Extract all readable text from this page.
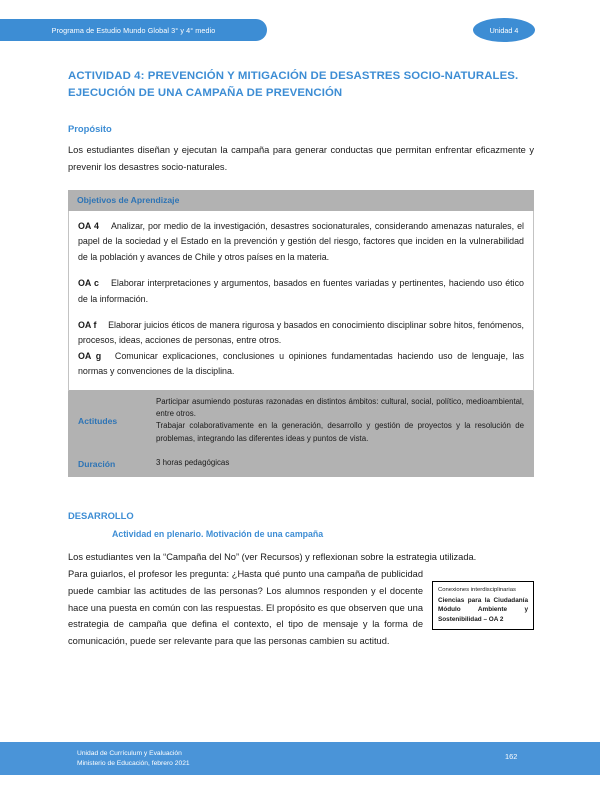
Programa de Estudio Mundo Global 3° y 4° medio	Unidad 4
ACTIVIDAD 4: PREVENCIÓN Y MITIGACIÓN DE DESASTRES SOCIO-NATURALES.
EJECUCIÓN DE UNA CAMPAÑA DE PREVENCIÓN
Propósito
Los estudiantes diseñan y ejecutan la campaña para generar conductas que permitan enfrentar eficazmente y prevenir los desastres socio-naturales.
Objetivos de Aprendizaje	

OA 4 Analizar, por medio de la investigación, desastres socionaturales, considerando amenazas naturales, el papel de la sociedad y el Estado en la prevención y gestión del riesgo, factores que inciden en la vulnerabilidad de la población y avances de Chile y otros países en la materia.

OA c Elaborar interpretaciones y argumentos, basados en fuentes variadas y pertinentes, haciendo uso ético de la información.

OA f Elaborar juicios éticos de manera rigurosa y basados en conocimiento disciplinar sobre hitos, fenómenos, procesos, ideas, acciones de personas, entre otros.

OA g Comunicar explicaciones, conclusiones u opiniones fundamentadas haciendo uso de lenguaje, las normas y convenciones de la disciplina.	

Actitudes	Participar asumiendo posturas razonadas en distintos ámbitos: cultural, social, político, medioambiental, entre otros.

Trabajar colaborativamente en la generación, desarrollo y gestión de proyectos y la resolución de problemas, integrando las diferentes ideas y puntos de vista.

Duración	3 horas pedagógicas
DESARROLLO
Actividad en plenario. Motivación de una campaña
Los estudiantes ven la “Campaña del No” (ver Recursos) y reflexionan sobre la estrategia utilizada.
Para guiarlos, el profesor les pregunta: ¿Hasta qué punto una campaña de publicidad puede cambiar las actitudes de las personas? Los alumnos responden y el docente hace una puesta en común con las respuestas. El propósito es que observen que una estrategia de campaña que defina el contexto, el tipo de mensaje y la forma de comunicación, puede ser relevante para que las personas cambien su actitud.

Conexiones interdisciplinarias

Ciencias para la Ciudadanía Módulo Ambiente y Sostenibilidad – OA 2

Unidad de Currículum y Evaluación
Ministerio de Educación, febrero 2021
162
